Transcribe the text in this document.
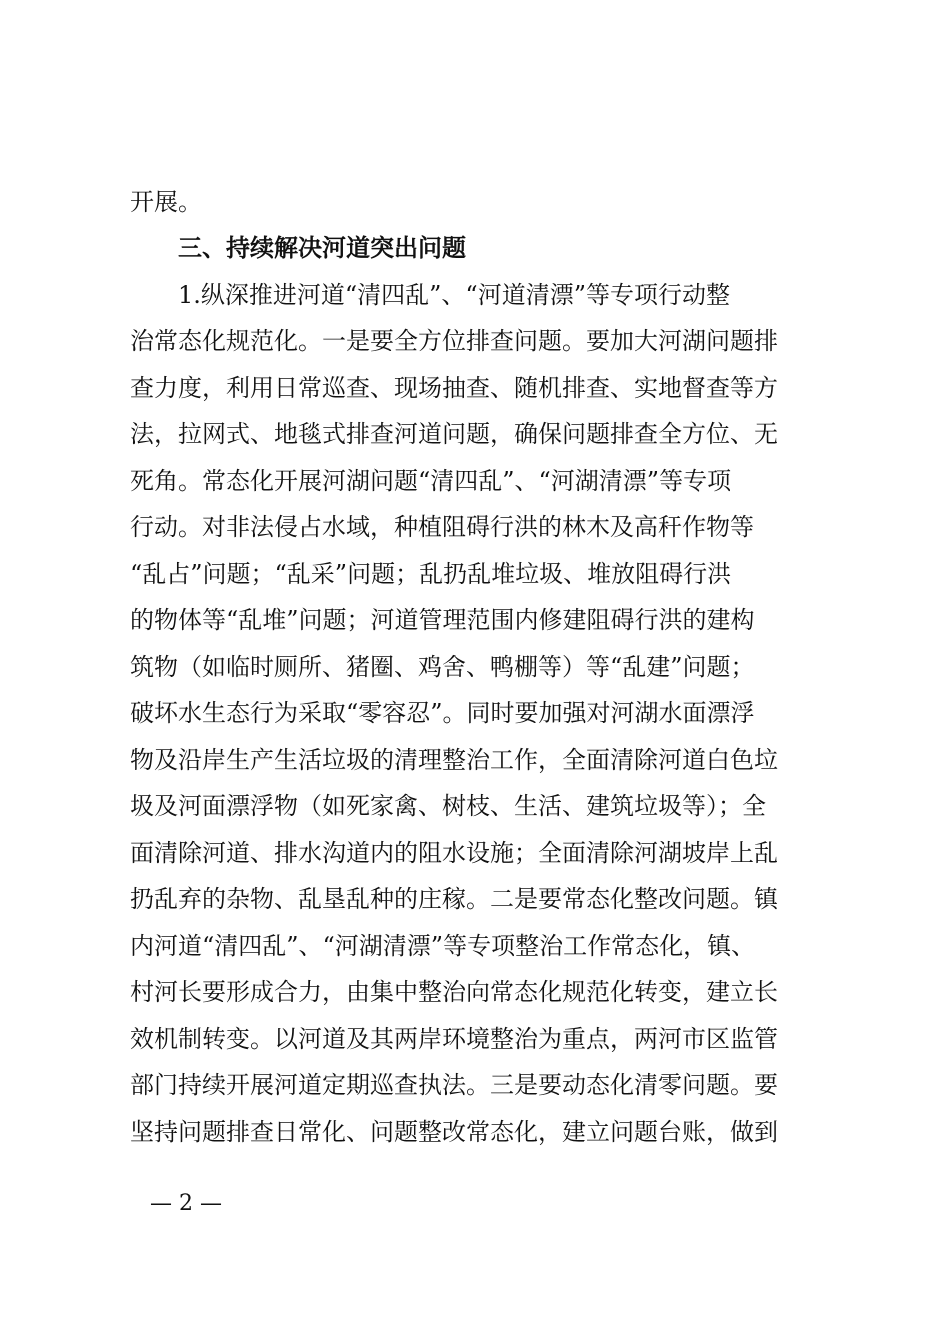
开展。
三、持续解决河道突出问题
1.纵深推进河道“清四乱”、“河道清漂”等专项行动整
治常态化规范化。一是要全方位排查问题。要加大河湖问题排
查力度，利用日常巡查、现场抽查、随机排查、实地督查等方
法，拉网式、地毯式排查河道问题，确保问题排查全方位、无
死角。常态化开展河湖问题“清四乱”、“河湖清漂”等专项
行动。对非法侵占水域，种植阻碍行洪的林木及高秆作物等
“乱占”问题；“乱采”问题；乱扔乱堆垃圾、堆放阻碍行洪
的物体等“乱堆”问题；河道管理范围内修建阻碍行洪的建构
筑物（如临时厕所、猪圈、鸡舍、鸭棚等）等“乱建”问题；
破坏水生态行为采取“零容忍”。同时要加强对河湖水面漂浮
物及沿岸生产生活垃圾的清理整治工作，全面清除河道白色垃
圾及河面漂浮物（如死家禽、树枝、生活、建筑垃圾等）；全
面清除河道、排水沟道内的阻水设施；全面清除河湖坡岸上乱
扔乱弃的杂物、乱垦乱种的庄稼。二是要常态化整改问题。镇
内河道“清四乱”、“河湖清漂”等专项整治工作常态化，镇、
村河长要形成合力，由集中整治向常态化规范化转变，建立长
效机制转变。以河道及其两岸环境整治为重点，两河市区监管
部门持续开展河道定期巡查执法。三是要动态化清零问题。要
坚持问题排查日常化、问题整改常态化，建立问题台账，做到
— 2 —
